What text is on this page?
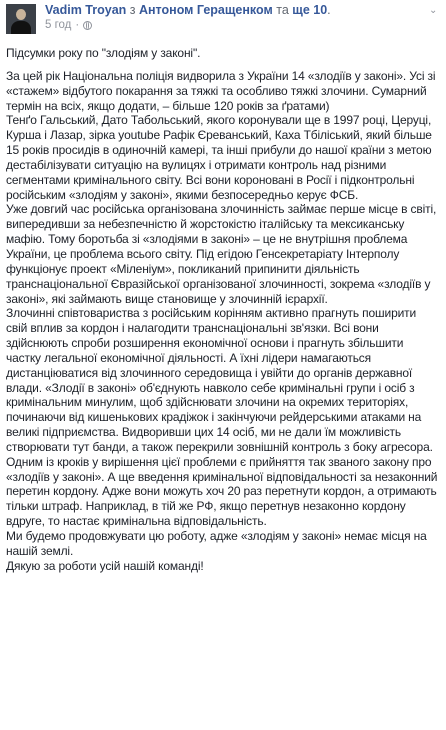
Vadim Troyan з Антоном Геращенком та ще 10.
5 год ·
⌄

Підсумки року по "злодіям у законі".

За цей рік Національна поліція видворила з України 14 «злодіїв у законі». Усі зі «стажем» відбутого покарання за тяжкі та особливо тяжкі злочини. Сумарний термін на всіх, якщо додати, – більше 120 років за ґратами)

Тенґо Гальський, Дато Табольський, якого коронували ще в 1997 році, Церуці, Курша і Лазар, зірка youtube Рафік Єреванський, Каха Тбіліський, який більше 15 років просидів в одиночній камері, та інші прибули до нашої країни з метою дестабілізувати ситуацію на вулицях і отримати контроль над різними сегментами кримінального світу. Всі вони короновані в Росії і підконтрольні російським «злодіям у законі», якими безпосередньо керує ФСБ.

Уже довгий час російська організована злочинність займає перше місце в світі, випередивши за небезпечністю й жорстокістю італійську та мексиканську мафію. Тому боротьба зі «злодіями в законі» – це не внутрішня проблема України, це проблема всього світу. Під егідою Генсекретаріату Інтерполу функціонує проект «Міленіум», покликаний припинити діяльність транснаціональної Євразійської організованої злочинності, зокрема «злодіїв у законі», які займають вище становище у злочинній ієрархії.

Злочинні співтовариства з російським корінням активно прагнуть поширити свій вплив за кордон і налагодити транснаціональні зв'язки. Всі вони здійснюють спроби розширення економічної основи і прагнуть збільшити частку легальної економічної діяльності. А їхні лідери намагаються дистанціюватися від злочинного середовища і увійти до органів державної влади. «Злодії в законі» об'єднують навколо себе кримінальні групи і осіб з кримінальним минулим, щоб здійснювати злочини на окремих територіях, починаючи від кишенькових крадіжок і закінчуючи рейдерськими атаками на великі підприємства. Видворивши цих 14 осіб, ми не дали їм можливість створювати тут банди, а також перекрили зовнішній контроль з боку агресора.

Одним із кроків у вирішення цієї проблеми є прийняття так званого закону про «злодіїв у законі». А ще введення кримінальної відповідальності за незаконний перетин кордону. Адже вони можуть хоч 20 раз перетнути кордон, а отримають тільки штраф. Наприклад, в тій же РФ, якщо перетнув незаконно кордону вдруге, то настає кримінальна відповідальність.

Ми будемо продовжувати цю роботу, адже «злодіям у законі» немає місця на нашій землі.

Дякую за роботи усій нашій команді!
